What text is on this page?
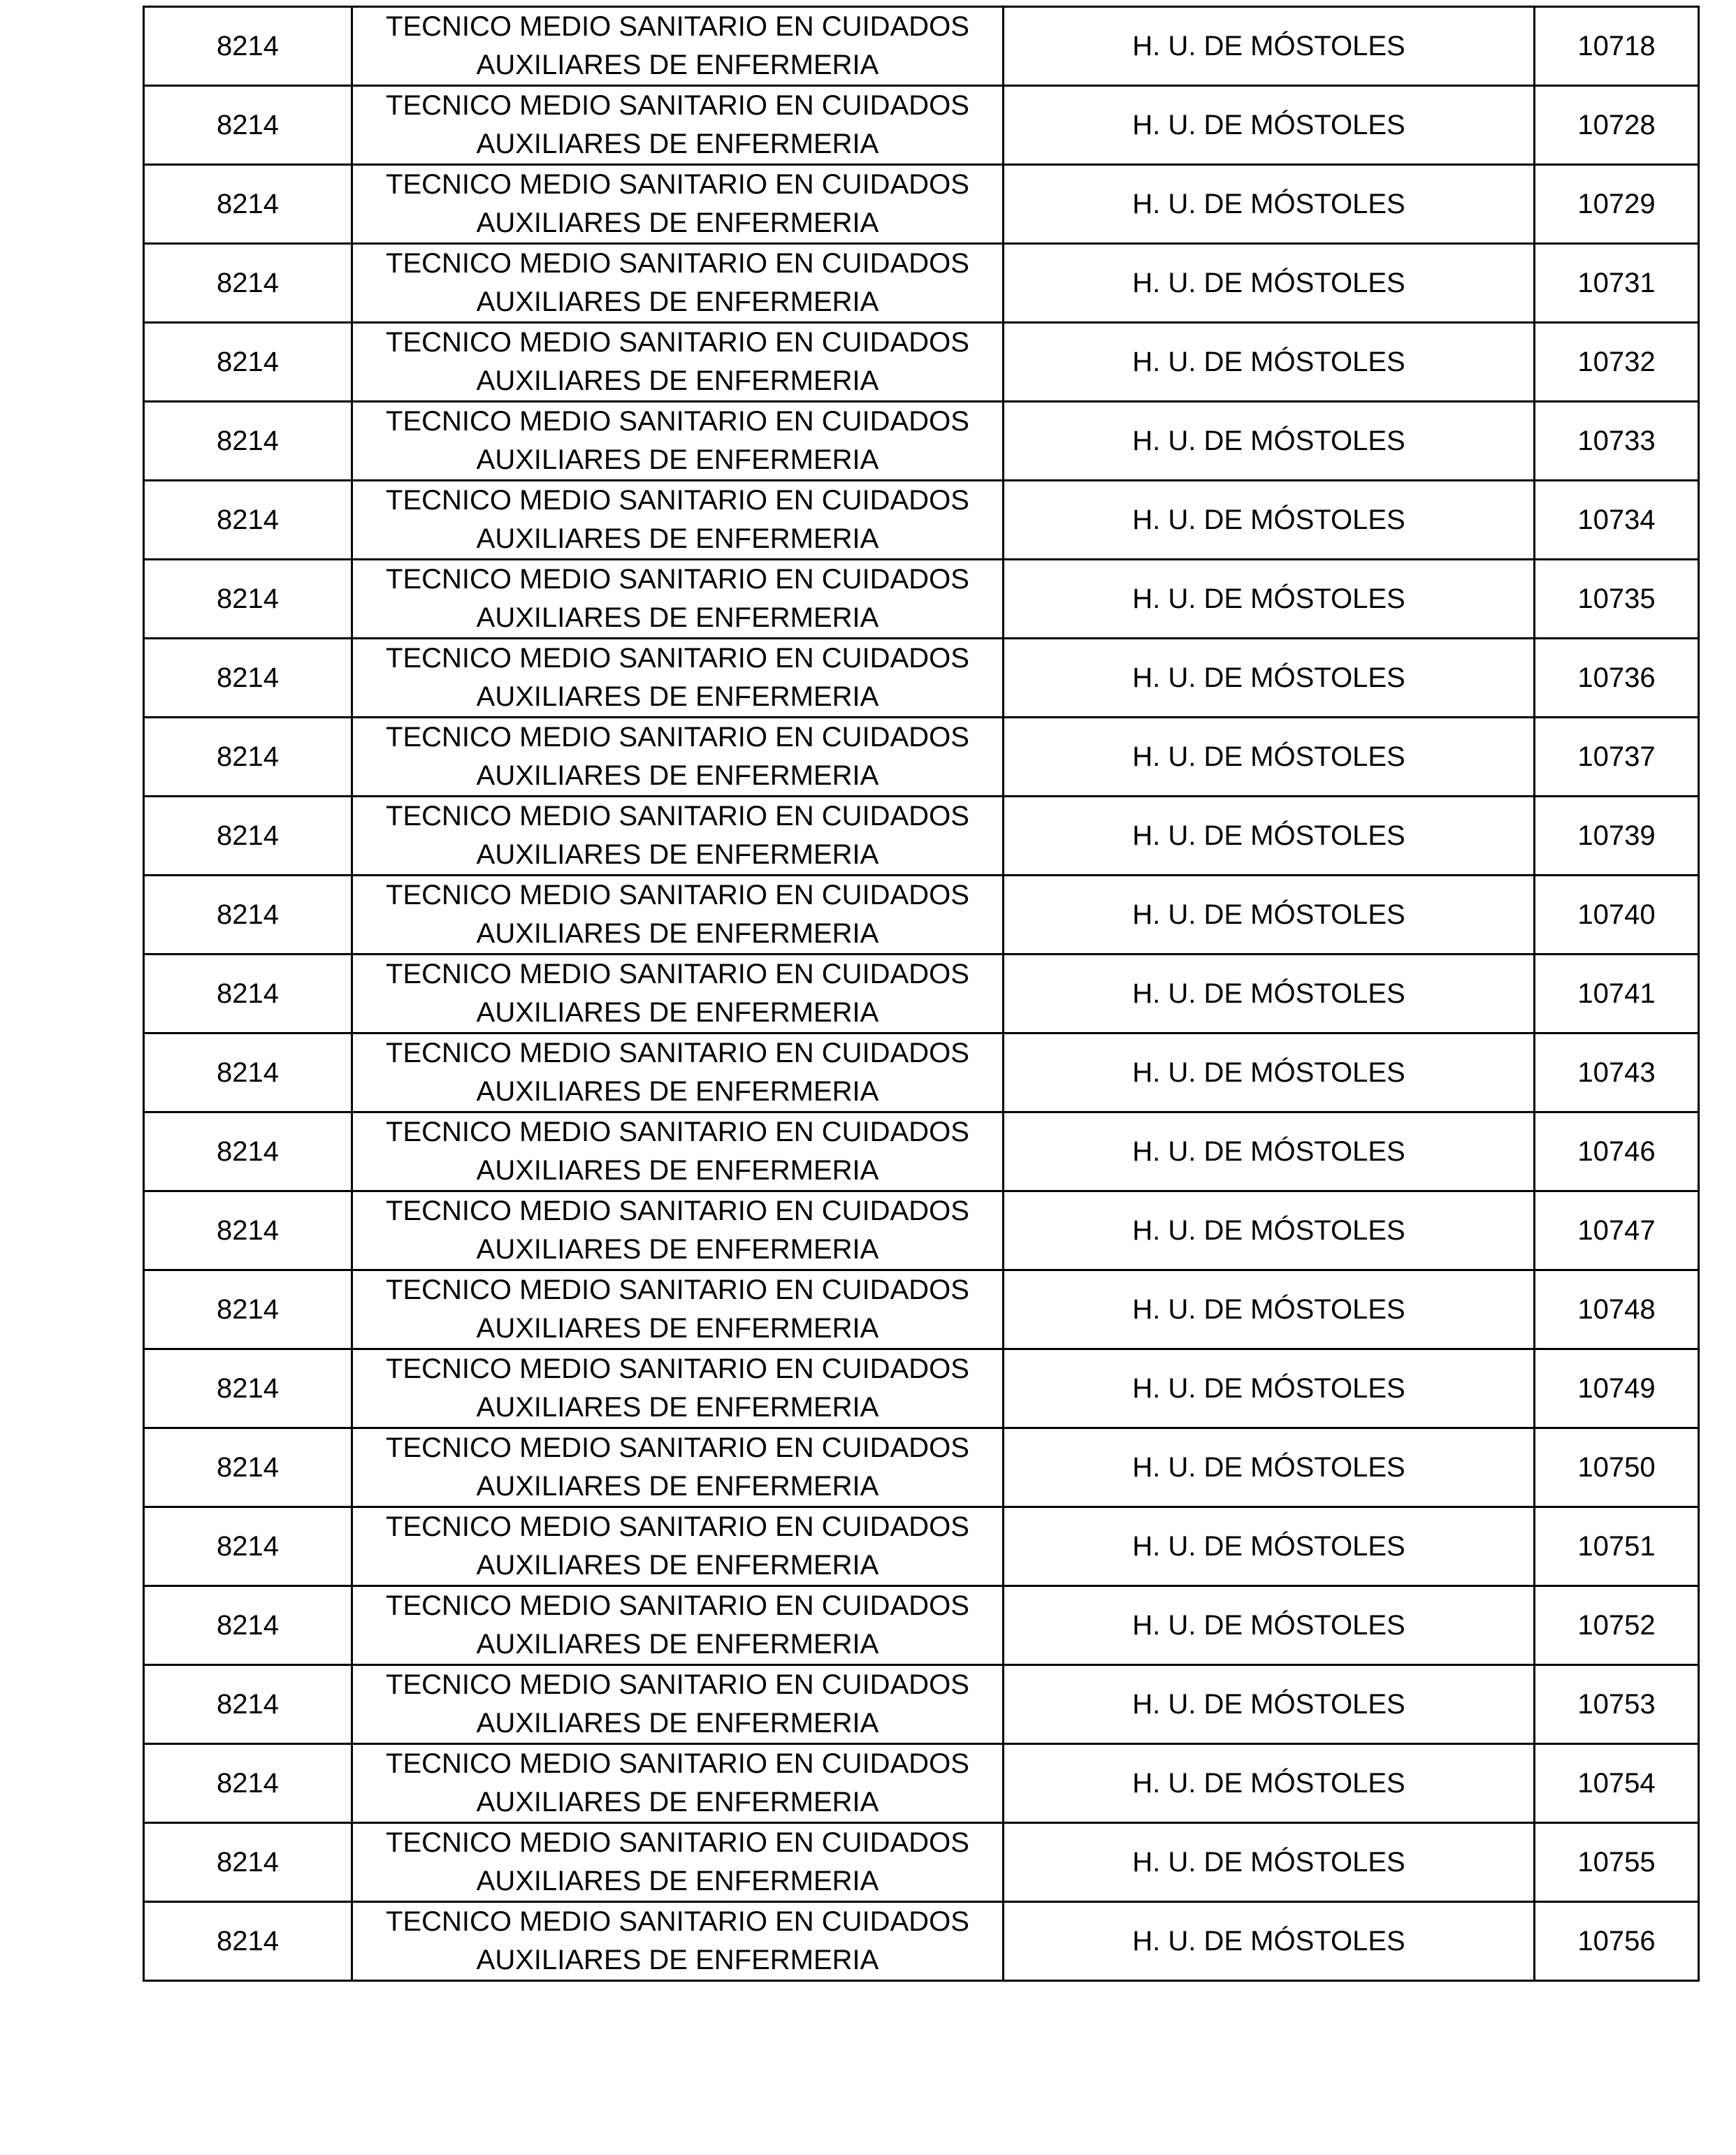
8214	TECNICO MEDIO SANITARIO EN CUIDADOS
AUXILIARES DE ENFERMERIA	H. U. DE MÓSTOLES	10718
8214	TECNICO MEDIO SANITARIO EN CUIDADOS
AUXILIARES DE ENFERMERIA	H. U. DE MÓSTOLES	10728
8214	TECNICO MEDIO SANITARIO EN CUIDADOS
AUXILIARES DE ENFERMERIA	H. U. DE MÓSTOLES	10729
8214	TECNICO MEDIO SANITARIO EN CUIDADOS
AUXILIARES DE ENFERMERIA	H. U. DE MÓSTOLES	10731
8214	TECNICO MEDIO SANITARIO EN CUIDADOS
AUXILIARES DE ENFERMERIA	H. U. DE MÓSTOLES	10732
8214	TECNICO MEDIO SANITARIO EN CUIDADOS
AUXILIARES DE ENFERMERIA	H. U. DE MÓSTOLES	10733
8214	TECNICO MEDIO SANITARIO EN CUIDADOS
AUXILIARES DE ENFERMERIA	H. U. DE MÓSTOLES	10734
8214	TECNICO MEDIO SANITARIO EN CUIDADOS
AUXILIARES DE ENFERMERIA	H. U. DE MÓSTOLES	10735
8214	TECNICO MEDIO SANITARIO EN CUIDADOS
AUXILIARES DE ENFERMERIA	H. U. DE MÓSTOLES	10736
8214	TECNICO MEDIO SANITARIO EN CUIDADOS
AUXILIARES DE ENFERMERIA	H. U. DE MÓSTOLES	10737
8214	TECNICO MEDIO SANITARIO EN CUIDADOS
AUXILIARES DE ENFERMERIA	H. U. DE MÓSTOLES	10739
8214	TECNICO MEDIO SANITARIO EN CUIDADOS
AUXILIARES DE ENFERMERIA	H. U. DE MÓSTOLES	10740
8214	TECNICO MEDIO SANITARIO EN CUIDADOS
AUXILIARES DE ENFERMERIA	H. U. DE MÓSTOLES	10741
8214	TECNICO MEDIO SANITARIO EN CUIDADOS
AUXILIARES DE ENFERMERIA	H. U. DE MÓSTOLES	10743
8214	TECNICO MEDIO SANITARIO EN CUIDADOS
AUXILIARES DE ENFERMERIA	H. U. DE MÓSTOLES	10746
8214	TECNICO MEDIO SANITARIO EN CUIDADOS
AUXILIARES DE ENFERMERIA	H. U. DE MÓSTOLES	10747
8214	TECNICO MEDIO SANITARIO EN CUIDADOS
AUXILIARES DE ENFERMERIA	H. U. DE MÓSTOLES	10748
8214	TECNICO MEDIO SANITARIO EN CUIDADOS
AUXILIARES DE ENFERMERIA	H. U. DE MÓSTOLES	10749
8214	TECNICO MEDIO SANITARIO EN CUIDADOS
AUXILIARES DE ENFERMERIA	H. U. DE MÓSTOLES	10750
8214	TECNICO MEDIO SANITARIO EN CUIDADOS
AUXILIARES DE ENFERMERIA	H. U. DE MÓSTOLES	10751
8214	TECNICO MEDIO SANITARIO EN CUIDADOS
AUXILIARES DE ENFERMERIA	H. U. DE MÓSTOLES	10752
8214	TECNICO MEDIO SANITARIO EN CUIDADOS
AUXILIARES DE ENFERMERIA	H. U. DE MÓSTOLES	10753
8214	TECNICO MEDIO SANITARIO EN CUIDADOS
AUXILIARES DE ENFERMERIA	H. U. DE MÓSTOLES	10754
8214	TECNICO MEDIO SANITARIO EN CUIDADOS
AUXILIARES DE ENFERMERIA	H. U. DE MÓSTOLES	10755
8214	TECNICO MEDIO SANITARIO EN CUIDADOS
AUXILIARES DE ENFERMERIA	H. U. DE MÓSTOLES	10756
